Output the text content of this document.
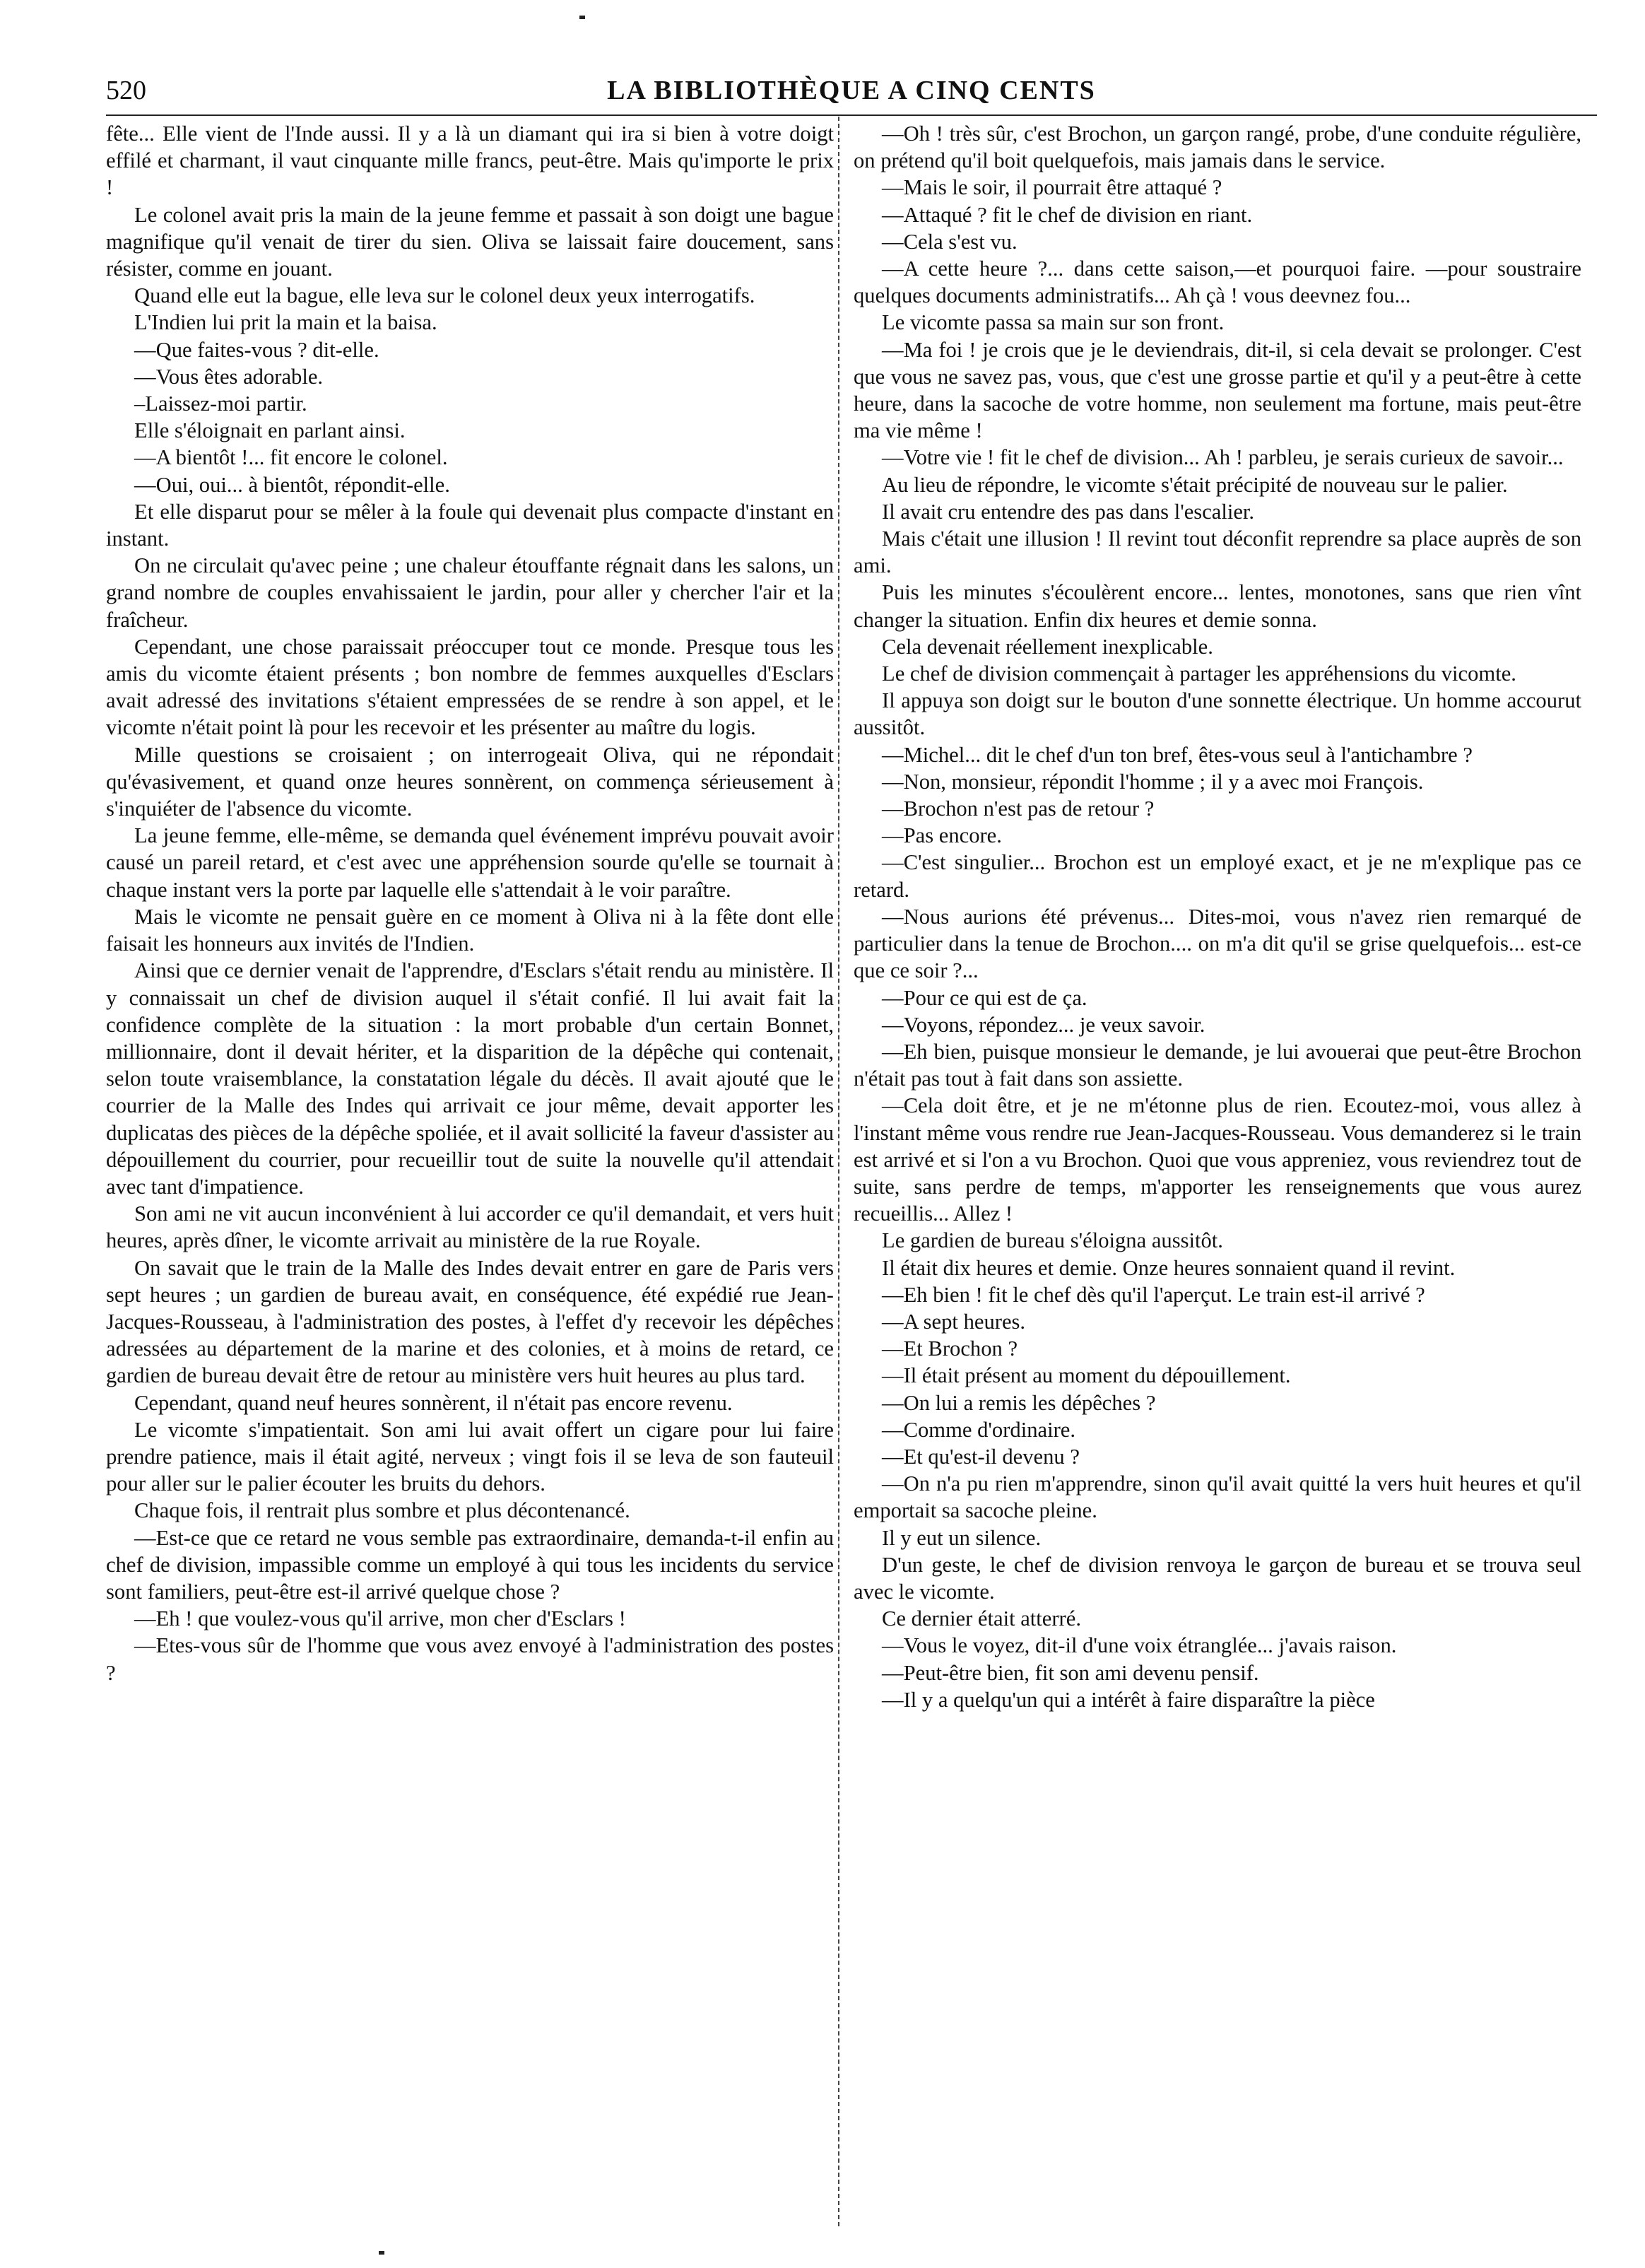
520	LA BIBLIOTHÈQUE A CINQ CENTS

fête... Elle vient de l'Inde aussi. Il y a là un diamant qui ira si bien à votre doigt effilé et charmant, il vaut cinquante mille francs, peut-être. Mais qu'importe le prix !

Le colonel avait pris la main de la jeune femme et passait à son doigt une bague magnifique qu'il venait de tirer du sien. Oliva se laissait faire doucement, sans résister, comme en jouant.

Quand elle eut la bague, elle leva sur le colonel deux yeux interrogatifs.

L'Indien lui prit la main et la baisa.

—Que faites-vous ? dit-elle.

—Vous êtes adorable.

–Laissez-moi partir.

Elle s'éloignait en parlant ainsi.

—A bientôt !... fit encore le colonel.

—Oui, oui... à bientôt, répondit-elle.

Et elle disparut pour se mêler à la foule qui devenait plus compacte d'instant en instant.

On ne circulait qu'avec peine ; une chaleur étouffante régnait dans les salons, un grand nombre de couples envahissaient le jardin, pour aller y chercher l'air et la fraîcheur.

Cependant, une chose paraissait préoccuper tout ce monde. Presque tous les amis du vicomte étaient présents ; bon nombre de femmes auxquelles d'Esclars avait adressé des invitations s'étaient empressées de se rendre à son appel, et le vicomte n'était point là pour les recevoir et les présenter au maître du logis.

Mille questions se croisaient ; on interrogeait Oliva, qui ne répondait qu'évasivement, et quand onze heures sonnèrent, on commença sérieusement à s'inquiéter de l'absence du vicomte.

La jeune femme, elle-même, se demanda quel événement imprévu pouvait avoir causé un pareil retard, et c'est avec une appréhension sourde qu'elle se tournait à chaque instant vers la porte par laquelle elle s'attendait à le voir paraître.

Mais le vicomte ne pensait guère en ce moment à Oliva ni à la fête dont elle faisait les honneurs aux invités de l'Indien.

Ainsi que ce dernier venait de l'apprendre, d'Esclars s'était rendu au ministère. Il y connaissait un chef de division auquel il s'était confié. Il lui avait fait la confidence complète de la situation : la mort probable d'un certain Bonnet, millionnaire, dont il devait hériter, et la disparition de la dépêche qui contenait, selon toute vraisemblance, la constatation légale du décès. Il avait ajouté que le courrier de la Malle des Indes qui arrivait ce jour même, devait apporter les duplicatas des pièces de la dépêche spoliée, et il avait sollicité la faveur d'assister au dépouillement du courrier, pour recueillir tout de suite la nouvelle qu'il attendait avec tant d'impatience.

Son ami ne vit aucun inconvénient à lui accorder ce qu'il demandait, et vers huit heures, après dîner, le vicomte arrivait au ministère de la rue Royale.

On savait que le train de la Malle des Indes devait entrer en gare de Paris vers sept heures ; un gardien de bureau avait, en conséquence, été expédié rue Jean-Jacques-Rousseau, à l'administration des postes, à l'effet d'y recevoir les dépêches adressées au département de la marine et des colonies, et à moins de retard, ce gardien de bureau devait être de retour au ministère vers huit heures au plus tard.

Cependant, quand neuf heures sonnèrent, il n'était pas encore revenu.

Le vicomte s'impatientait. Son ami lui avait offert un cigare pour lui faire prendre patience, mais il était agité, nerveux ; vingt fois il se leva de son fauteuil pour aller sur le palier écouter les bruits du dehors.

Chaque fois, il rentrait plus sombre et plus décontenancé.

—Est-ce que ce retard ne vous semble pas extraordinaire, demanda-t-il enfin au chef de division, impassible comme un employé à qui tous les incidents du service sont familiers, peut-être est-il arrivé quelque chose ?

—Eh ! que voulez-vous qu'il arrive, mon cher d'Esclars !

—Etes-vous sûr de l'homme que vous avez envoyé à l'administration des postes ?

—Oh ! très sûr, c'est Brochon, un garçon rangé, probe, d'une conduite régulière, on prétend qu'il boit quelquefois, mais jamais dans le service.

—Mais le soir, il pourrait être attaqué ?

—Attaqué ? fit le chef de division en riant.

—Cela s'est vu.

—A cette heure ?... dans cette saison,—et pourquoi faire. —pour soustraire quelques documents administratifs... Ah çà ! vous deevnez fou...

Le vicomte passa sa main sur son front.

—Ma foi ! je crois que je le deviendrais, dit-il, si cela devait se prolonger. C'est que vous ne savez pas, vous, que c'est une grosse partie et qu'il y a peut-être à cette heure, dans la sacoche de votre homme, non seulement ma fortune, mais peut-être ma vie même !

—Votre vie ! fit le chef de division... Ah ! parbleu, je serais curieux de savoir...

Au lieu de répondre, le vicomte s'était précipité de nouveau sur le palier.

Il avait cru entendre des pas dans l'escalier.

Mais c'était une illusion ! Il revint tout déconfit reprendre sa place auprès de son ami.

Puis les minutes s'écoulèrent encore... lentes, monotones, sans que rien vînt changer la situation. Enfin dix heures et demie sonna.

Cela devenait réellement inexplicable.

Le chef de division commençait à partager les appréhensions du vicomte.

Il appuya son doigt sur le bouton d'une sonnette électrique. Un homme accourut aussitôt.

—Michel... dit le chef d'un ton bref, êtes-vous seul à l'antichambre ?

—Non, monsieur, répondit l'homme ; il y a avec moi François.

—Brochon n'est pas de retour ?

—Pas encore.

—C'est singulier... Brochon est un employé exact, et je ne m'explique pas ce retard.

—Nous aurions été prévenus... Dites-moi, vous n'avez rien remarqué de particulier dans la tenue de Brochon.... on m'a dit qu'il se grise quelquefois... est-ce que ce soir ?...

—Pour ce qui est de ça.

—Voyons, répondez... je veux savoir.

—Eh bien, puisque monsieur le demande, je lui avouerai que peut-être Brochon n'était pas tout à fait dans son assiette.

—Cela doit être, et je ne m'étonne plus de rien. Ecoutez-moi, vous allez à l'instant même vous rendre rue Jean-Jacques-Rousseau. Vous demanderez si le train est arrivé et si l'on a vu Brochon. Quoi que vous appreniez, vous reviendrez tout de suite, sans perdre de temps, m'apporter les renseignements que vous aurez recueillis... Allez !

Le gardien de bureau s'éloigna aussitôt.

Il était dix heures et demie. Onze heures sonnaient quand il revint.

—Eh bien ! fit le chef dès qu'il l'aperçut. Le train est-il arrivé ?

—A sept heures.

—Et Brochon ?

—Il était présent au moment du dépouillement.

—On lui a remis les dépêches ?

—Comme d'ordinaire.

—Et qu'est-il devenu ?

—On n'a pu rien m'apprendre, sinon qu'il avait quitté la vers huit heures et qu'il emportait sa sacoche pleine.

Il y eut un silence.

D'un geste, le chef de division renvoya le garçon de bureau et se trouva seul avec le vicomte.

Ce dernier était atterré.

—Vous le voyez, dit-il d'une voix étranglée... j'avais raison.

—Peut-être bien, fit son ami devenu pensif.

—Il y a quelqu'un qui a intérêt à faire disparaître la pièce
